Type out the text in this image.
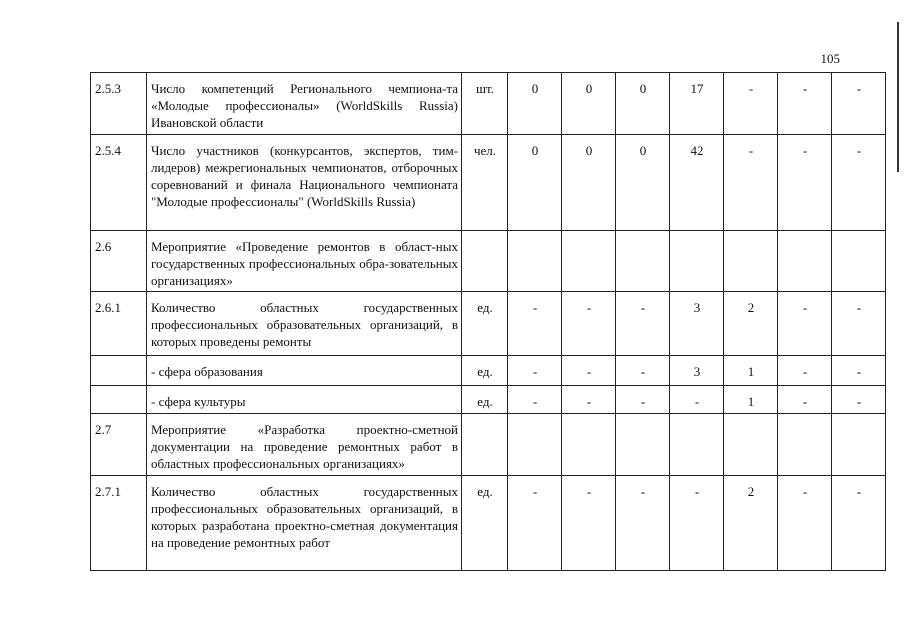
105
2.5.3	Число компетенций Регионального чемпиона-та «Молодые профессионалы» (WorldSkills Russia) Ивановской области	шт.	0	0	0	17	-	-	-
2.5.4	Число участников (конкурсантов, экспертов, тим-лидеров) межрегиональных чемпионатов, отборочных соревнований и финала Национального чемпионата "Молодые профессионалы" (WorldSkills Russia)	чел.	0	0	0	42	-	-	-
2.6	Мероприятие «Проведение ремонтов в област-ных государственных профессиональных обра-зовательных организациях»								
2.6.1	Количество областных государственных профессиональных образовательных организаций, в которых проведены ремонты	ед.	-	-	-	3	2	-	-
	- сфера образования	ед.	-	-	-	3	1	-	-
	- сфера культуры	ед.	-	-	-	-	1	-	-
2.7	Мероприятие «Разработка проектно-сметной документации на проведение ремонтных работ в областных профессиональных организациях»								
2.7.1	Количество областных государственных профессиональных образовательных организаций, в которых разработана проектно-сметная документация на проведение ремонтных работ	ед.	-	-	-	-	2	-	-
